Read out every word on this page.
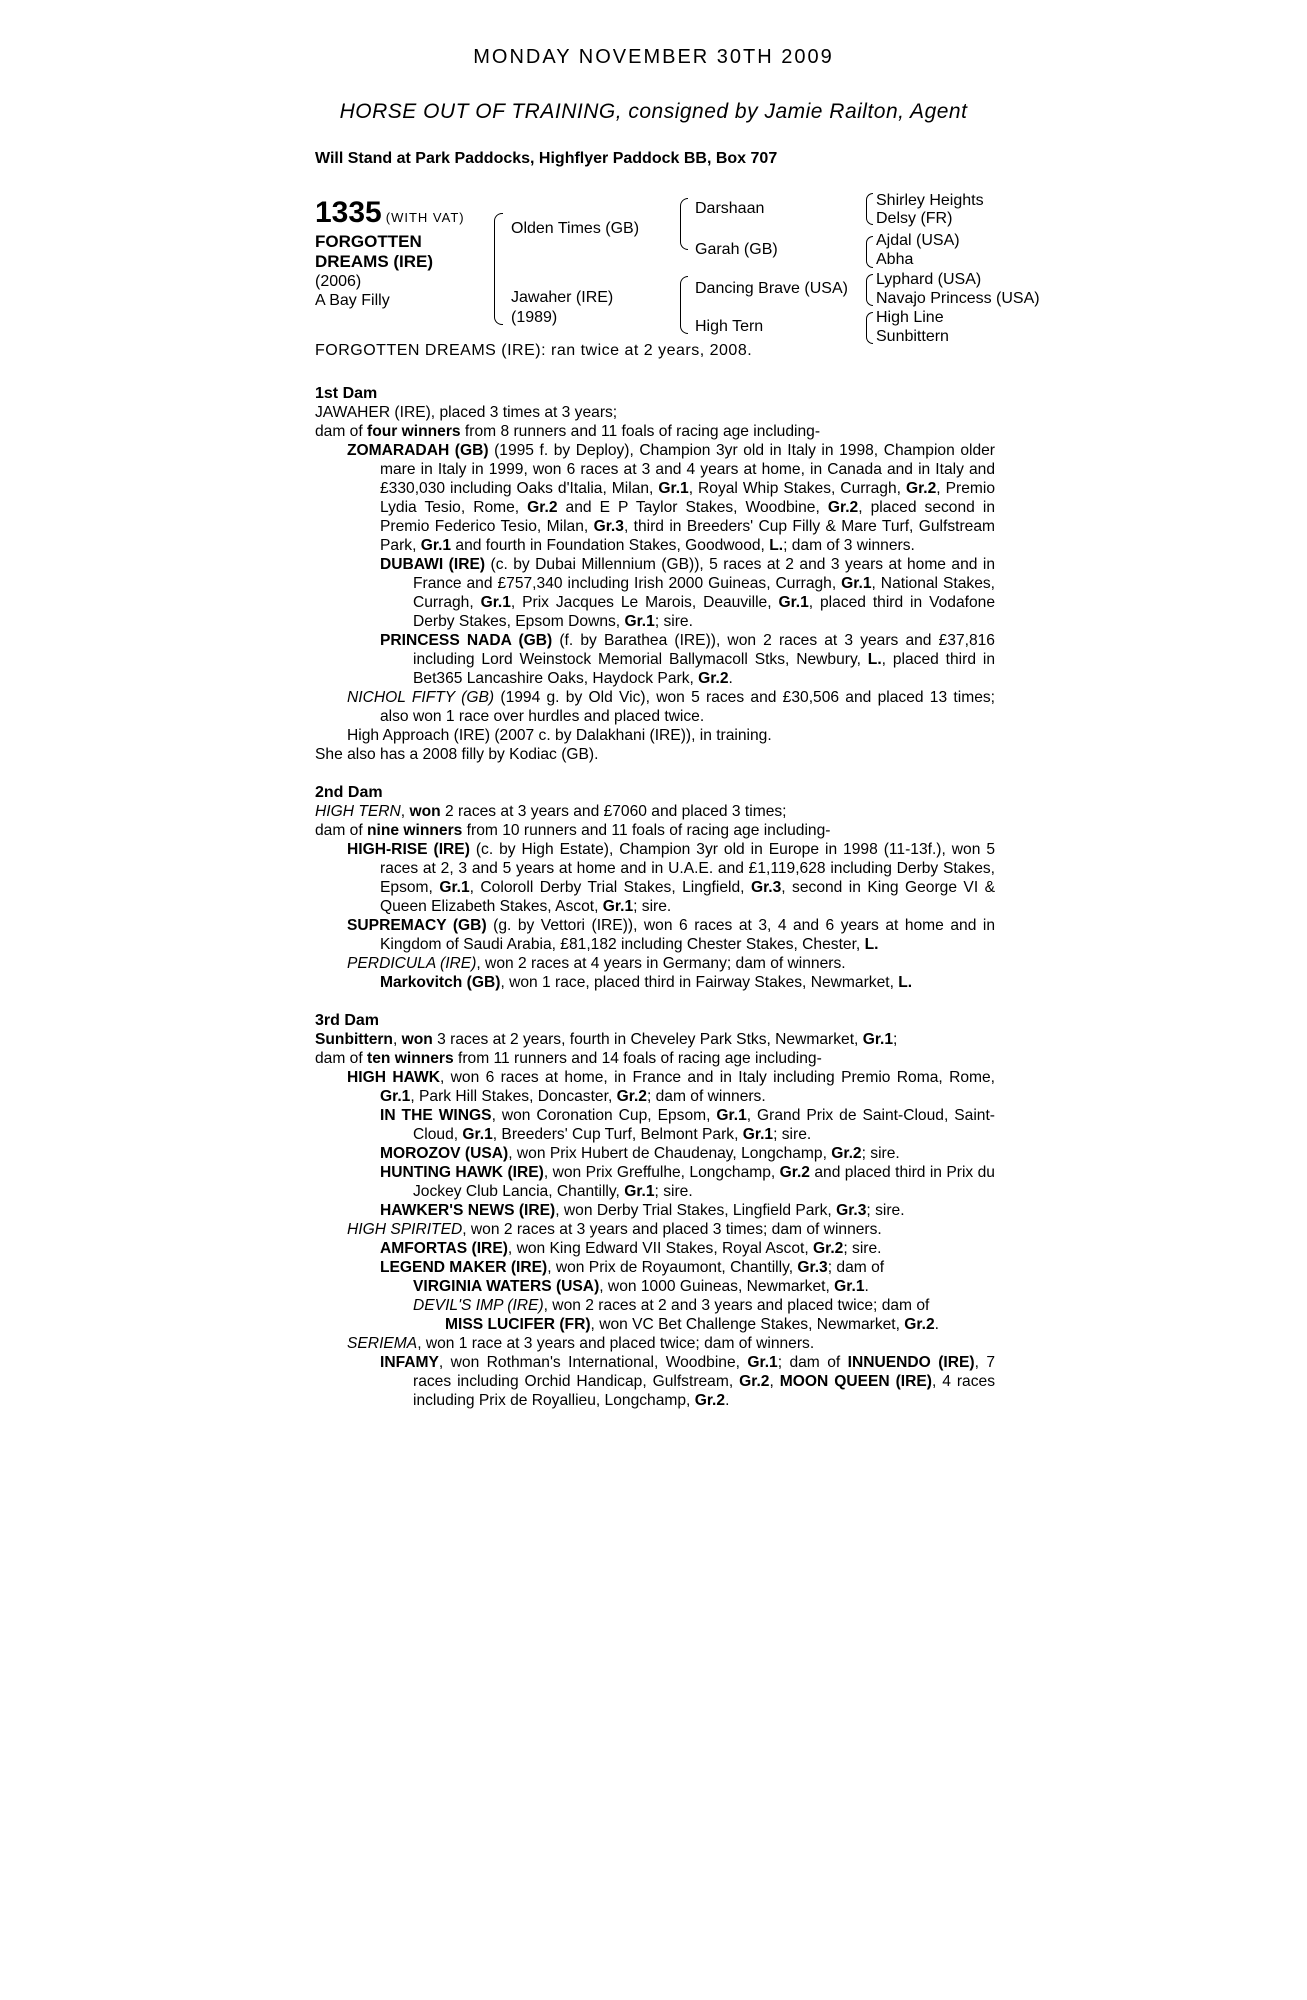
MONDAY NOVEMBER 30TH 2009
HORSE OUT OF TRAINING, consigned by Jamie Railton, Agent
Will Stand at Park Paddocks, Highflyer Paddock BB, Box 707
1335 (WITH VAT)
FORGOTTEN
DREAMS (IRE)
(2006)
A Bay Filly
Olden Times (GB)
Jawaher (IRE)
(1989)
Darshaan
Garah (GB)
Dancing Brave (USA)
High Tern
Shirley Heights
Delsy (FR)
Ajdal (USA)
Abha
Lyphard (USA)
Navajo Princess (USA)
High Line
Sunbittern
FORGOTTEN DREAMS (IRE): ran twice at 2 years, 2008.

1st Dam

JAWAHER (IRE), placed 3 times at 3 years;

dam of four winners from 8 runners and 11 foals of racing age including-

ZOMARADAH (GB) (1995 f. by Deploy), Champion 3yr old in Italy in 1998, Champion older mare in Italy in 1999, won 6 races at 3 and 4 years at home, in Canada and in Italy and £330,030 including Oaks d'Italia, Milan, Gr.1, Royal Whip Stakes, Curragh, Gr.2, Premio Lydia Tesio, Rome, Gr.2 and E P Taylor Stakes, Woodbine, Gr.2, placed second in Premio Federico Tesio, Milan, Gr.3, third in Breeders' Cup Filly & Mare Turf, Gulfstream Park, Gr.1 and fourth in Foundation Stakes, Goodwood, L.; dam of 3 winners.

DUBAWI (IRE) (c. by Dubai Millennium (GB)), 5 races at 2 and 3 years at home and in France and £757,340 including Irish 2000 Guineas, Curragh, Gr.1, National Stakes, Curragh, Gr.1, Prix Jacques Le Marois, Deauville, Gr.1, placed third in Vodafone Derby Stakes, Epsom Downs, Gr.1; sire.

PRINCESS NADA (GB) (f. by Barathea (IRE)), won 2 races at 3 years and £37,816 including Lord Weinstock Memorial Ballymacoll Stks, Newbury, L., placed third in Bet365 Lancashire Oaks, Haydock Park, Gr.2.

NICHOL FIFTY (GB) (1994 g. by Old Vic), won 5 races and £30,506 and placed 13 times; also won 1 race over hurdles and placed twice.

High Approach (IRE) (2007 c. by Dalakhani (IRE)), in training.

She also has a 2008 filly by Kodiac (GB).

2nd Dam

HIGH TERN, won 2 races at 3 years and £7060 and placed 3 times;

dam of nine winners from 10 runners and 11 foals of racing age including-

HIGH-RISE (IRE) (c. by High Estate), Champion 3yr old in Europe in 1998 (11-13f.), won 5 races at 2, 3 and 5 years at home and in U.A.E. and £1,119,628 including Derby Stakes, Epsom, Gr.1, Coloroll Derby Trial Stakes, Lingfield, Gr.3, second in King George VI & Queen Elizabeth Stakes, Ascot, Gr.1; sire.

SUPREMACY (GB) (g. by Vettori (IRE)), won 6 races at 3, 4 and 6 years at home and in Kingdom of Saudi Arabia, £81,182 including Chester Stakes, Chester, L.

PERDICULA (IRE), won 2 races at 4 years in Germany; dam of winners.

Markovitch (GB), won 1 race, placed third in Fairway Stakes, Newmarket, L.

3rd Dam

Sunbittern, won 3 races at 2 years, fourth in Cheveley Park Stks, Newmarket, Gr.1;

dam of ten winners from 11 runners and 14 foals of racing age including-

HIGH HAWK, won 6 races at home, in France and in Italy including Premio Roma, Rome, Gr.1, Park Hill Stakes, Doncaster, Gr.2; dam of winners.

IN THE WINGS, won Coronation Cup, Epsom, Gr.1, Grand Prix de Saint-Cloud, Saint-Cloud, Gr.1, Breeders' Cup Turf, Belmont Park, Gr.1; sire.

MOROZOV (USA), won Prix Hubert de Chaudenay, Longchamp, Gr.2; sire.

HUNTING HAWK (IRE), won Prix Greffulhe, Longchamp, Gr.2 and placed third in Prix du Jockey Club Lancia, Chantilly, Gr.1; sire.

HAWKER'S NEWS (IRE), won Derby Trial Stakes, Lingfield Park, Gr.3; sire.

HIGH SPIRITED, won 2 races at 3 years and placed 3 times; dam of winners.

AMFORTAS (IRE), won King Edward VII Stakes, Royal Ascot, Gr.2; sire.

LEGEND MAKER (IRE), won Prix de Royaumont, Chantilly, Gr.3; dam of

VIRGINIA WATERS (USA), won 1000 Guineas, Newmarket, Gr.1.

DEVIL'S IMP (IRE), won 2 races at 2 and 3 years and placed twice; dam of

MISS LUCIFER (FR), won VC Bet Challenge Stakes, Newmarket, Gr.2.

SERIEMA, won 1 race at 3 years and placed twice; dam of winners.

INFAMY, won Rothman's International, Woodbine, Gr.1; dam of INNUENDO (IRE), 7 races including Orchid Handicap, Gulfstream, Gr.2, MOON QUEEN (IRE), 4 races including Prix de Royallieu, Longchamp, Gr.2.
